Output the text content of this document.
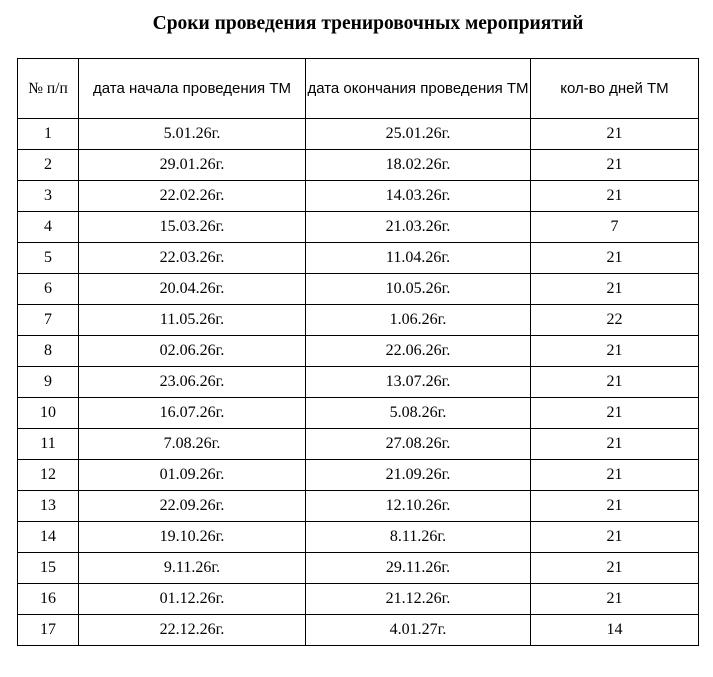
Сроки проведения тренировочных мероприятий
№ п/п	дата начала проведения ТМ	дата окончания проведения ТМ	кол-во дней ТМ
1	5.01.26г.	25.01.26г.	21
2	29.01.26г.	18.02.26г.	21
3	22.02.26г.	14.03.26г.	21
4	15.03.26г.	21.03.26г.	7
5	22.03.26г.	11.04.26г.	21
6	20.04.26г.	10.05.26г.	21
7	11.05.26г.	1.06.26г.	22
8	02.06.26г.	22.06.26г.	21
9	23.06.26г.	13.07.26г.	21
10	16.07.26г.	5.08.26г.	21
11	7.08.26г.	27.08.26г.	21
12	01.09.26г.	21.09.26г.	21
13	22.09.26г.	12.10.26г.	21
14	19.10.26г.	8.11.26г.	21
15	9.11.26г.	29.11.26г.	21
16	01.12.26г.	21.12.26г.	21
17	22.12.26г.	4.01.27г.	14
